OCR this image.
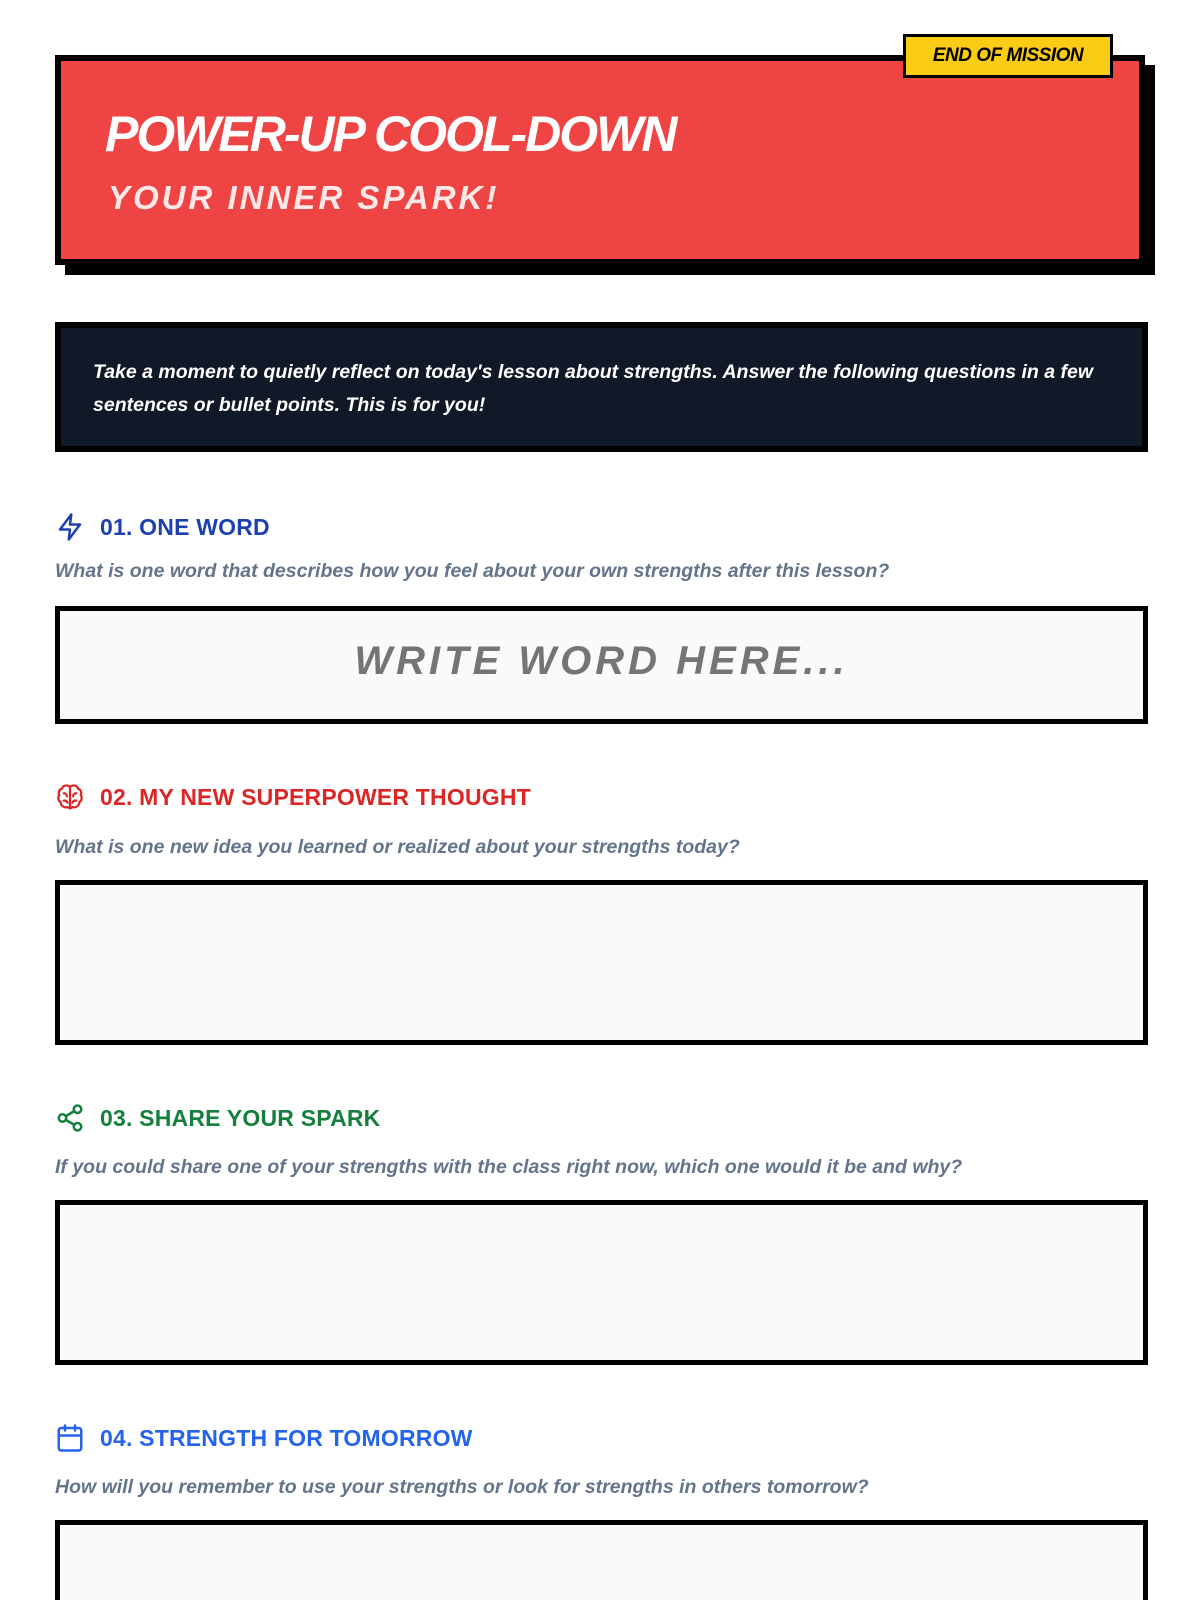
END OF MISSION
POWER-UP COOL-DOWN
YOUR INNER SPARK!

Take a moment to quietly reflect on today's lesson about strengths. Answer the following questions in a few sentences or bullet points. This is for you!

01. ONE WORD
What is one word that describes how you feel about your own strengths after this lesson?
WRITE WORD HERE...
02. MY NEW SUPERPOWER THOUGHT
What is one new idea you learned or realized about your strengths today?
03. SHARE YOUR SPARK
If you could share one of your strengths with the class right now, which one would it be and why?
04. STRENGTH FOR TOMORROW
How will you remember to use your strengths or look for strengths in others tomorrow?
